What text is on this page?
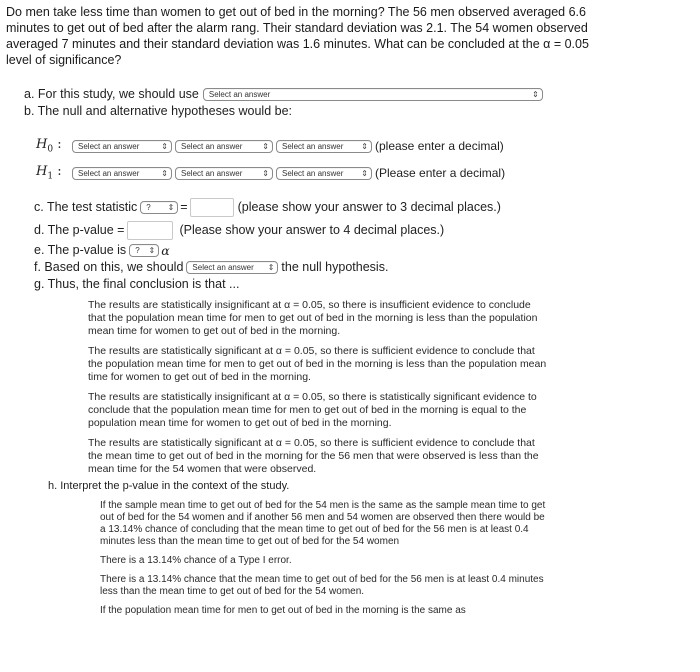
Do men take less time than women to get out of bed in the morning? The 56 men observed averaged 6.6 minutes to get out of bed after the alarm rang. Their standard deviation was 2.1. The 54 women observed averaged 7 minutes and their standard deviation was 1.6 minutes. What can be concluded at the α = 0.05 level of significance?
a. For this study, we should use Select an answer	⇕
b. The null and alternative hypotheses would be:
$H_0$ :	Select an answer	⇕ Select an answer ⇕ Select an answer ⇕ (please enter a decimal)
$H_1$ :	Select an answer	⇕ Select an answer ⇕ Select an answer ⇕ (Please enter a decimal)
c. The test statistic ? ⇕ =	(please show your answer to 3 decimal places.)
d. The p-value =	(Please show your answer to 4 decimal places.)
e. The p-value is ? ⇕ α
f. Based on this, we should Select an answer ⇕ the null hypothesis.
g. Thus, the final conclusion is that ...
The results are statistically insignificant at α = 0.05, so there is insufficient evidence to conclude that the population mean time for men to get out of bed in the morning is less than the population mean time for women to get out of bed in the morning.
The results are statistically significant at α = 0.05, so there is sufficient evidence to conclude that the population mean time for men to get out of bed in the morning is less than the population mean time for women to get out of bed in the morning.
The results are statistically insignificant at α = 0.05, so there is statistically significant evidence to conclude that the population mean time for men to get out of bed in the morning is equal to the population mean time for women to get out of bed in the morning.
The results are statistically significant at α = 0.05, so there is sufficient evidence to conclude that the mean time to get out of bed in the morning for the 56 men that were observed is less than the mean time for the 54 women that were observed.
h. Interpret the p-value in the context of the study.
If the sample mean time to get out of bed for the 54 men is the same as the sample mean time to get out of bed for the 54 women and if another 56 men and 54 women are observed then there would be a 13.14% chance of concluding that the mean time to get out of bed for the 56 men is at least 0.4 minutes less than the mean time to get out of bed for the 54 women
There is a 13.14% chance of a Type I error.
There is a 13.14% chance that the mean time to get out of bed for the 56 men is at least 0.4 minutes less than the mean time to get out of bed for the 54 women.
If the population mean time for men to get out of bed in the morning is the same as
